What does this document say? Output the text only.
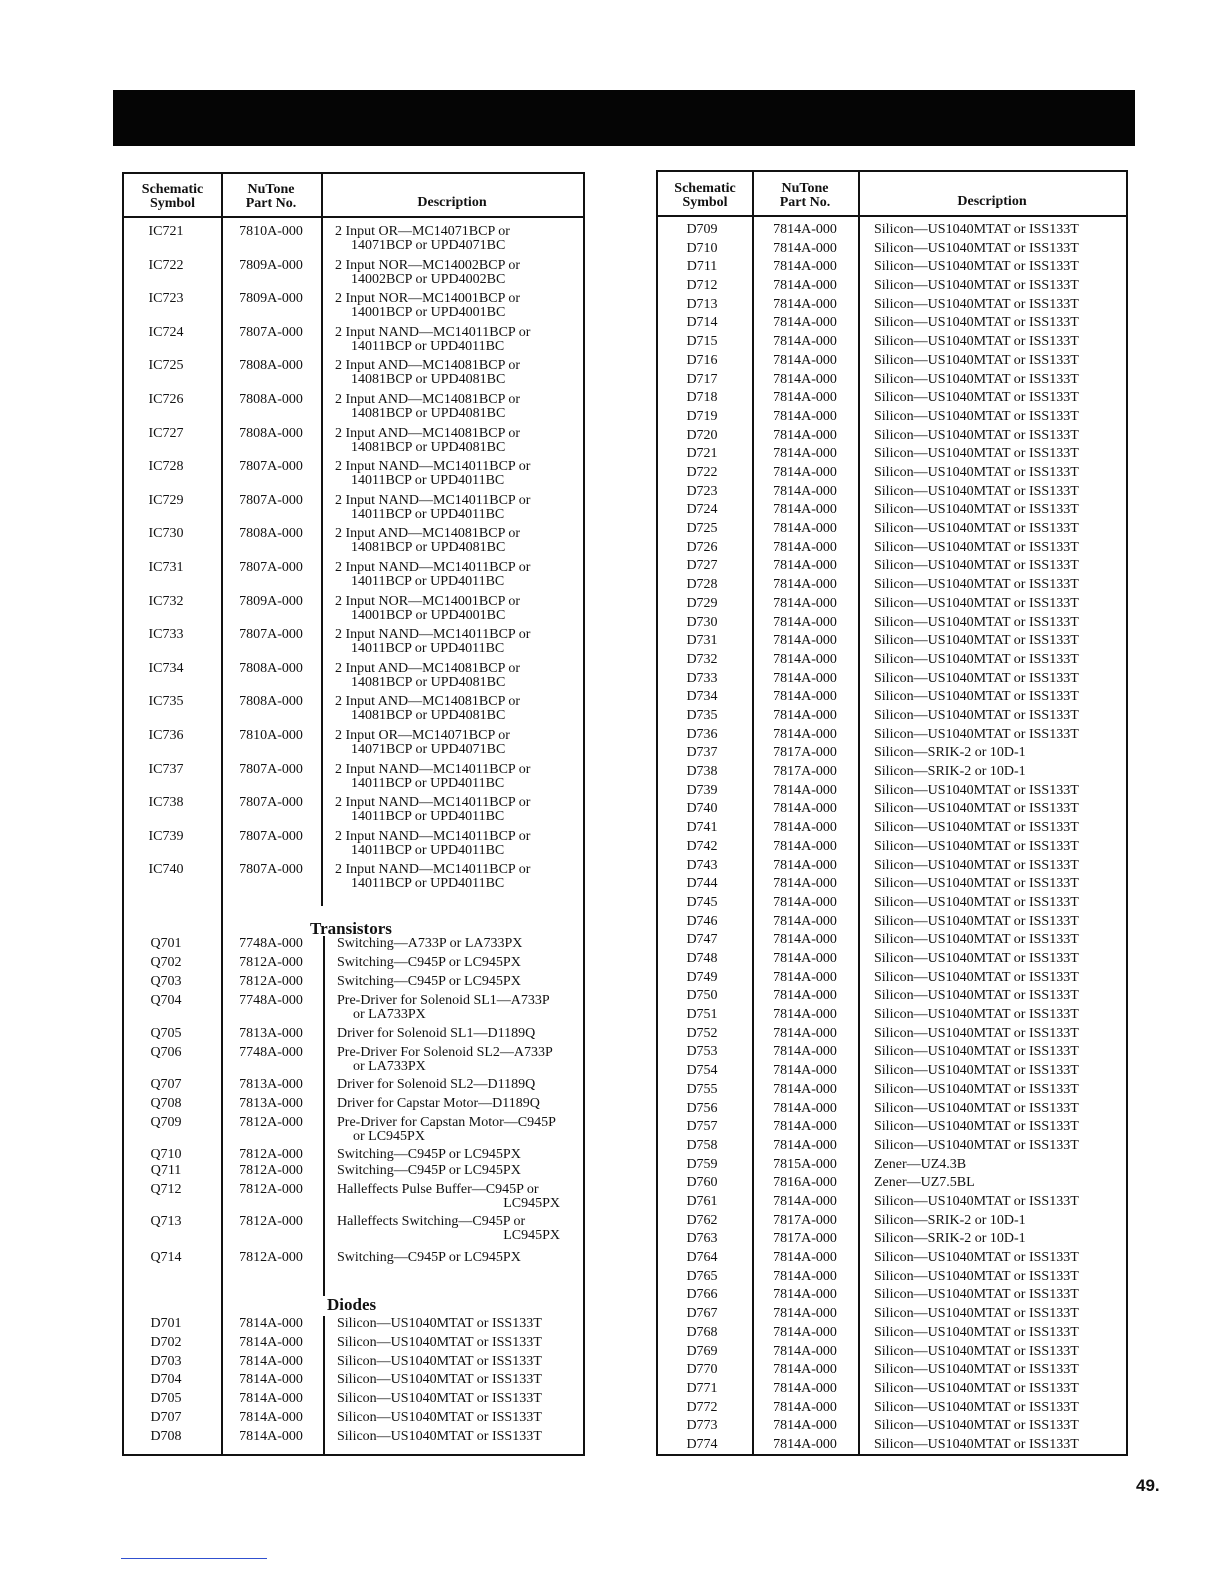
Schematic
Symbol
NuTone
Part No.	Description
Transistors
Diodes
IC721	7810A-000	2 Input OR—MC14071BCP or
14071BCP or UPD4071BC
IC722	7809A-000	2 Input NOR—MC14002BCP or
14002BCP or UPD4002BC
IC723	7809A-000	2 Input NOR—MC14001BCP or
14001BCP or UPD4001BC
IC724	7807A-000	2 Input NAND—MC14011BCP or
14011BCP or UPD4011BC
IC725	7808A-000	2 Input AND—MC14081BCP or
14081BCP or UPD4081BC
IC726	7808A-000	2 Input AND—MC14081BCP or
14081BCP or UPD4081BC
IC727	7808A-000	2 Input AND—MC14081BCP or
14081BCP or UPD4081BC
IC728	7807A-000	2 Input NAND—MC14011BCP or
14011BCP or UPD4011BC
IC729	7807A-000	2 Input NAND—MC14011BCP or
14011BCP or UPD4011BC
IC730	7808A-000	2 Input AND—MC14081BCP or
14081BCP or UPD4081BC
IC731	7807A-000	2 Input NAND—MC14011BCP or
14011BCP or UPD4011BC
IC732	7809A-000	2 Input NOR—MC14001BCP or
14001BCP or UPD4001BC
IC733	7807A-000	2 Input NAND—MC14011BCP or
14011BCP or UPD4011BC
IC734	7808A-000	2 Input AND—MC14081BCP or
14081BCP or UPD4081BC
IC735	7808A-000	2 Input AND—MC14081BCP or
14081BCP or UPD4081BC
IC736	7810A-000	2 Input OR—MC14071BCP or
14071BCP or UPD4071BC
IC737	7807A-000	2 Input NAND—MC14011BCP or
14011BCP or UPD4011BC
IC738	7807A-000	2 Input NAND—MC14011BCP or
14011BCP or UPD4011BC
IC739	7807A-000	2 Input NAND—MC14011BCP or
14011BCP or UPD4011BC
IC740	7807A-000	2 Input NAND—MC14011BCP or
14011BCP or UPD4011BC
Q701	7748A-000	Switching—A733P or LA733PX
Q702	7812A-000	Switching—C945P or LC945PX
Q703	7812A-000	Switching—C945P or LC945PX
Q704	7748A-000	Pre-Driver for Solenoid SL1—A733P
or LA733PX
Q705	7813A-000	Driver for Solenoid SL1—D1189Q
Q706	7748A-000	Pre-Driver For Solenoid SL2—A733P
or LA733PX
Q707	7813A-000	Driver for Solenoid SL2—D1189Q
Q708	7813A-000	Driver for Capstar Motor—D1189Q
Q709	7812A-000	Pre-Driver for Capstan Motor—C945P
or LC945PX
Q710	7812A-000	Switching—C945P or LC945PX
Q711	7812A-000	Switching—C945P or LC945PX
Q712	7812A-000	Halleffects Pulse Buffer—C945P or
LC945PX
Q713	7812A-000	Halleffects Switching—C945P or
LC945PX
Q714	7812A-000	Switching—C945P or LC945PX
D701	7814A-000	Silicon—US1040MTAT or ISS133T
D702	7814A-000	Silicon—US1040MTAT or ISS133T
D703	7814A-000	Silicon—US1040MTAT or ISS133T
D704	7814A-000	Silicon—US1040MTAT or ISS133T
D705	7814A-000	Silicon—US1040MTAT or ISS133T
D707	7814A-000	Silicon—US1040MTAT or ISS133T
D708	7814A-000	Silicon—US1040MTAT or ISS133T
Schematic
Symbol
NuTone
Part No.	Description
D709	7814A-000	Silicon—US1040MTAT or ISS133T
D710	7814A-000	Silicon—US1040MTAT or ISS133T
D711	7814A-000	Silicon—US1040MTAT or ISS133T
D712	7814A-000	Silicon—US1040MTAT or ISS133T
D713	7814A-000	Silicon—US1040MTAT or ISS133T
D714	7814A-000	Silicon—US1040MTAT or ISS133T
D715	7814A-000	Silicon—US1040MTAT or ISS133T
D716	7814A-000	Silicon—US1040MTAT or ISS133T
D717	7814A-000	Silicon—US1040MTAT or ISS133T
D718	7814A-000	Silicon—US1040MTAT or ISS133T
D719	7814A-000	Silicon—US1040MTAT or ISS133T
D720	7814A-000	Silicon—US1040MTAT or ISS133T
D721	7814A-000	Silicon—US1040MTAT or ISS133T
D722	7814A-000	Silicon—US1040MTAT or ISS133T
D723	7814A-000	Silicon—US1040MTAT or ISS133T
D724	7814A-000	Silicon—US1040MTAT or ISS133T
D725	7814A-000	Silicon—US1040MTAT or ISS133T
D726	7814A-000	Silicon—US1040MTAT or ISS133T
D727	7814A-000	Silicon—US1040MTAT or ISS133T
D728	7814A-000	Silicon—US1040MTAT or ISS133T
D729	7814A-000	Silicon—US1040MTAT or ISS133T
D730	7814A-000	Silicon—US1040MTAT or ISS133T
D731	7814A-000	Silicon—US1040MTAT or ISS133T
D732	7814A-000	Silicon—US1040MTAT or ISS133T
D733	7814A-000	Silicon—US1040MTAT or ISS133T
D734	7814A-000	Silicon—US1040MTAT or ISS133T
D735	7814A-000	Silicon—US1040MTAT or ISS133T
D736	7814A-000	Silicon—US1040MTAT or ISS133T
D737	7817A-000	Silicon—SRIK-2 or 10D-1
D738	7817A-000	Silicon—SRIK-2 or 10D-1
D739	7814A-000	Silicon—US1040MTAT or ISS133T
D740	7814A-000	Silicon—US1040MTAT or ISS133T
D741	7814A-000	Silicon—US1040MTAT or ISS133T
D742	7814A-000	Silicon—US1040MTAT or ISS133T
D743	7814A-000	Silicon—US1040MTAT or ISS133T
D744	7814A-000	Silicon—US1040MTAT or ISS133T
D745	7814A-000	Silicon—US1040MTAT or ISS133T
D746	7814A-000	Silicon—US1040MTAT or ISS133T
D747	7814A-000	Silicon—US1040MTAT or ISS133T
D748	7814A-000	Silicon—US1040MTAT or ISS133T
D749	7814A-000	Silicon—US1040MTAT or ISS133T
D750	7814A-000	Silicon—US1040MTAT or ISS133T
D751	7814A-000	Silicon—US1040MTAT or ISS133T
D752	7814A-000	Silicon—US1040MTAT or ISS133T
D753	7814A-000	Silicon—US1040MTAT or ISS133T
D754	7814A-000	Silicon—US1040MTAT or ISS133T
D755	7814A-000	Silicon—US1040MTAT or ISS133T
D756	7814A-000	Silicon—US1040MTAT or ISS133T
D757	7814A-000	Silicon—US1040MTAT or ISS133T
D758	7814A-000	Silicon—US1040MTAT or ISS133T
D759	7815A-000	Zener—UZ4.3B
D760	7816A-000	Zener—UZ7.5BL
D761	7814A-000	Silicon—US1040MTAT or ISS133T
D762	7817A-000	Silicon—SRIK-2 or 10D-1
D763	7817A-000	Silicon—SRIK-2 or 10D-1
D764	7814A-000	Silicon—US1040MTAT or ISS133T
D765	7814A-000	Silicon—US1040MTAT or ISS133T
D766	7814A-000	Silicon—US1040MTAT or ISS133T
D767	7814A-000	Silicon—US1040MTAT or ISS133T
D768	7814A-000	Silicon—US1040MTAT or ISS133T
D769	7814A-000	Silicon—US1040MTAT or ISS133T
D770	7814A-000	Silicon—US1040MTAT or ISS133T
D771	7814A-000	Silicon—US1040MTAT or ISS133T
D772	7814A-000	Silicon—US1040MTAT or ISS133T
D773	7814A-000	Silicon—US1040MTAT or ISS133T
D774	7814A-000	Silicon—US1040MTAT or ISS133T
49.
